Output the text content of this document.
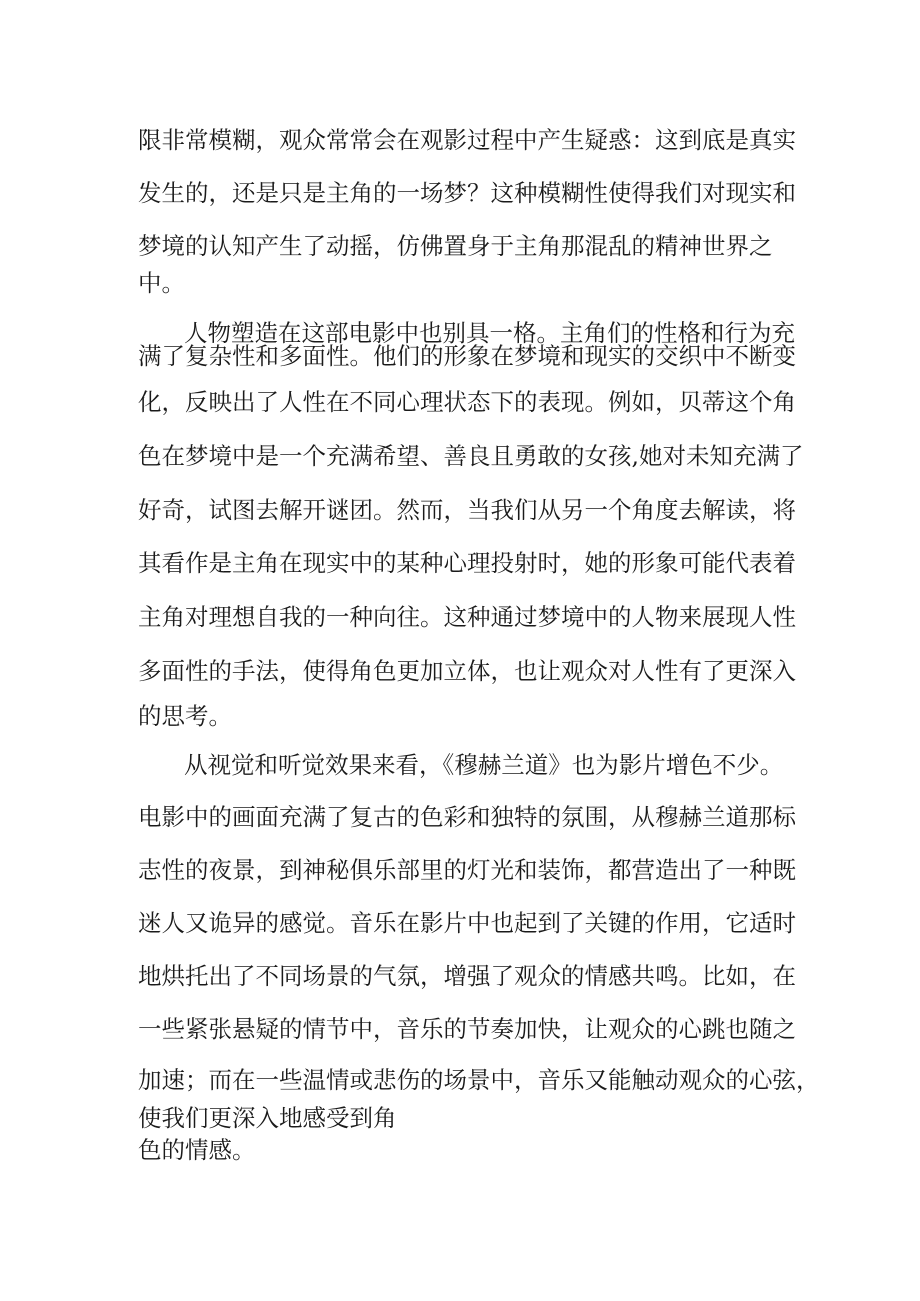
限非常模糊，观众常常会在观影过程中产生疑惑：这到底是真实
发生的，还是只是主角的一场梦？这种模糊性使得我们对现实和
梦境的认知产生了动摇，仿佛置身于主角那混乱的精神世界之
中。
人物塑造在这部电影中也别具一格。主角们的性格和行为充
满了复杂性和多面性。他们的形象在梦境和现实的交织中不断变
化，反映出了人性在不同心理状态下的表现。例如，贝蒂这个角
色在梦境中是一个充满希望、善良且勇敢的女孩,她对未知充满了
好奇，试图去解开谜团。然而，当我们从另一个角度去解读，将
其看作是主角在现实中的某种心理投射时，她的形象可能代表着
主角对理想自我的一种向往。这种通过梦境中的人物来展现人性
多面性的手法，使得角色更加立体，也让观众对人性有了更深入
的思考。
从视觉和听觉效果来看，《穆赫兰道》也为影片增色不少。
电影中的画面充满了复古的色彩和独特的氛围，从穆赫兰道那标
志性的夜景，到神秘俱乐部里的灯光和装饰，都营造出了一种既
迷人又诡异的感觉。音乐在影片中也起到了关键的作用，它适时
地烘托出了不同场景的气氛，增强了观众的情感共鸣。比如，在
一些紧张悬疑的情节中，音乐的节奏加快，让观众的心跳也随之
加速；而在一些温情或悲伤的场景中，音乐又能触动观众的心弦，
使我们更深入地感受到角
色的情感。
